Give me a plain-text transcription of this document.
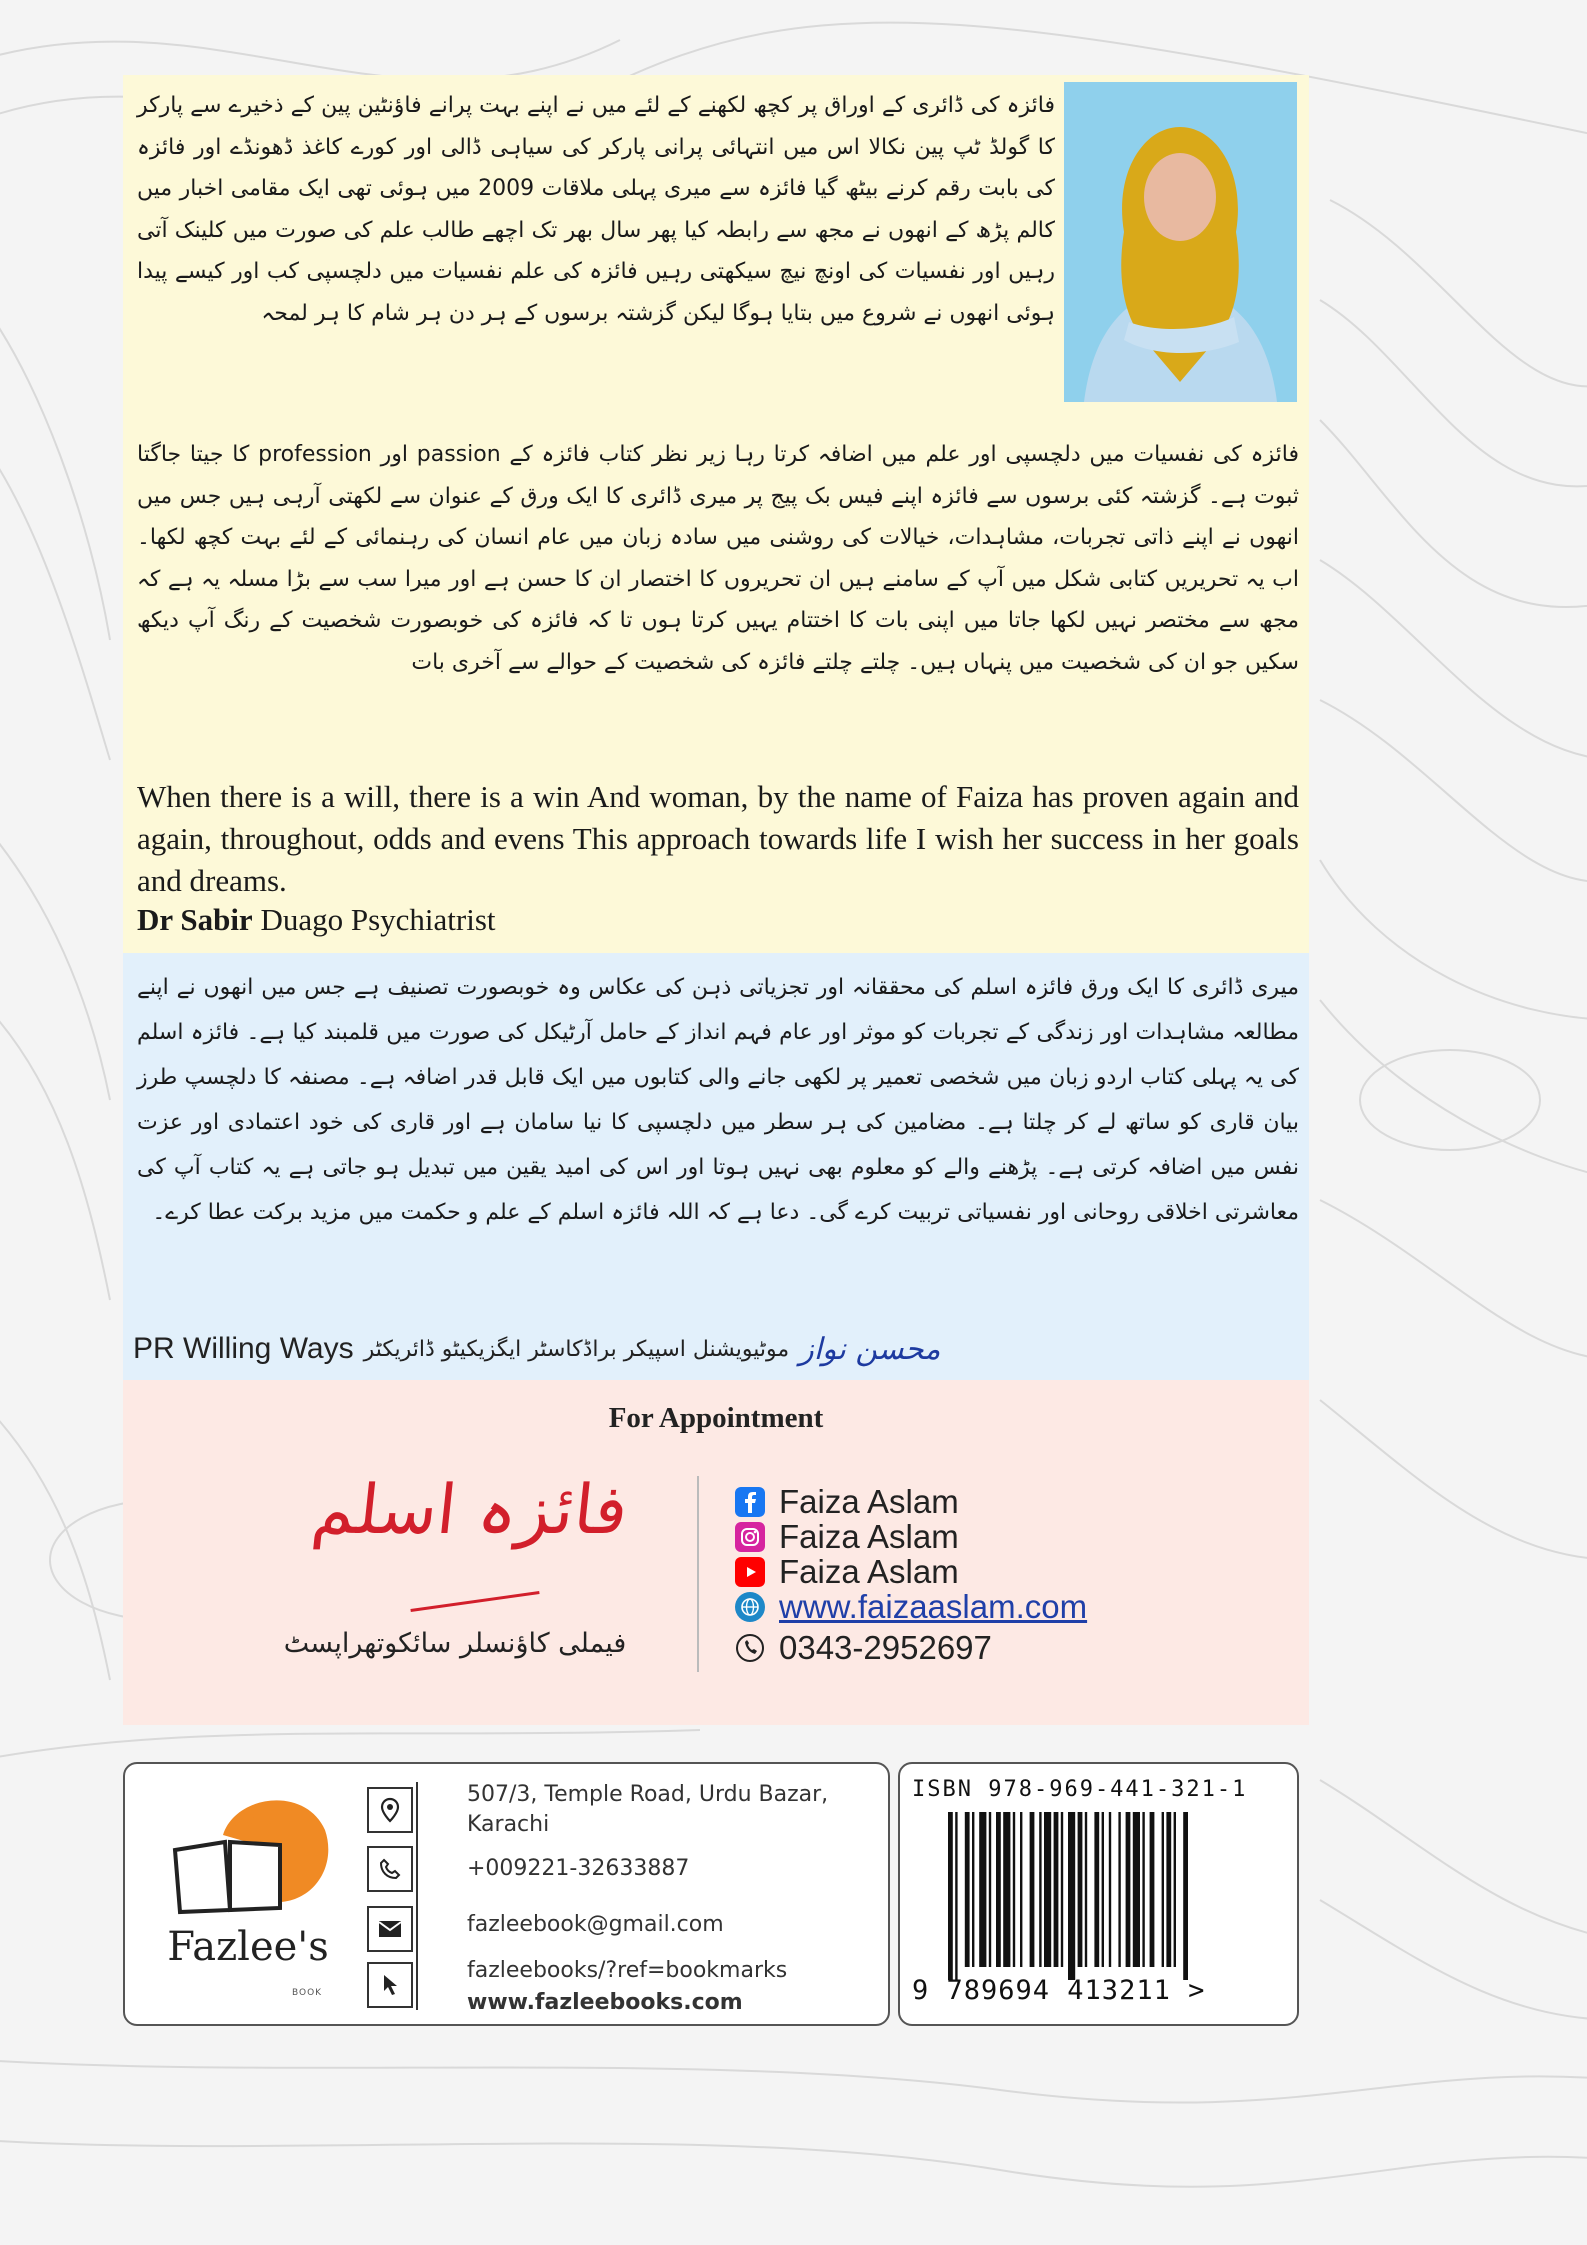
فائزہ کی ڈائری کے اوراق پر کچھ لکھنے کے لئے میں نے اپنے بہت پرانے فاؤنٹین پین کے ذخیرے سے پارکر کا گولڈ ٹپ پین نکالا اس میں انتہائی پرانی پارکر کی سیاہی ڈالی اور کورے کاغذ ڈھونڈے اور فائزہ کی بابت رقم کرنے بیٹھ گیا فائزہ سے میری پہلی ملاقات 2009 میں ہوئی تھی ایک مقامی اخبار میں کالم پڑھ کے انھوں نے مجھ سے رابطہ کیا پھر سال بھر تک اچھے طالب علم کی صورت میں کلینک آتی رہیں اور نفسیات کی اونچ نیچ سیکھتی رہیں فائزہ کی علم نفسیات میں دلچسپی کب اور کیسے پیدا ہوئی انھوں نے شروع میں بتایا ہوگا لیکن گزشتہ برسوں کے ہر دن ہر شام کا ہر لمحہ
فائزہ کی نفسیات میں دلچسپی اور علم میں اضافہ کرتا رہا زیر نظر کتاب فائزہ کے passion اور profession کا جیتا جاگتا ثبوت ہے۔ گزشتہ کئی برسوں سے فائزہ اپنے فیس بک پیج پر میری ڈائری کا ایک ورق کے عنوان سے لکھتی آرہی ہیں جس میں انھوں نے اپنے ذاتی تجربات، مشاہدات، خیالات کی روشنی میں سادہ زبان میں عام انسان کی رہنمائی کے لئے بہت کچھ لکھا۔ اب یہ تحریریں کتابی شکل میں آپ کے سامنے ہیں ان تحریروں کا اختصار ان کا حسن ہے اور میرا سب سے بڑا مسلہ یہ ہے کہ مجھ سے مختصر نہیں لکھا جاتا میں اپنی بات کا اختتام یہیں کرتا ہوں تا کہ فائزہ کی خوبصورت شخصیت کے رنگ آپ دیکھ سکیں جو ان کی شخصیت میں پنہاں ہیں۔ چلتے چلتے فائزہ کی شخصیت کے حوالے سے آخری بات
When there is a will, there is a win And woman, by the name of Faiza has proven again and again, throughout, odds and evens This approach towards life I wish her success in her goals and dreams.
Dr Sabir Duago Psychiatrist
میری ڈائری کا ایک ورق فائزہ اسلم کی محققانہ اور تجزیاتی ذہن کی عکاس وہ خوبصورت تصنیف ہے جس میں انھوں نے اپنے مطالعہ مشاہدات اور زندگی کے تجربات کو موثر اور عام فہم انداز کے حامل آرٹیکل کی صورت میں قلمبند کیا ہے۔ فائزہ اسلم کی یہ پہلی کتاب اردو زبان میں شخصی تعمیر پر لکھی جانے والی کتابوں میں ایک قابل قدر اضافہ ہے۔ مصنفہ کا دلچسپ طرز بیان قاری کو ساتھ لے کر چلتا ہے۔ مضامین کی ہر سطر میں دلچسپی کا نیا سامان ہے اور قاری کی خود اعتمادی اور عزت نفس میں اضافہ کرتی ہے۔ پڑھنے والے کو معلوم بھی نہیں ہوتا اور اس کی امید یقین میں تبدیل ہو جاتی ہے یہ کتاب آپ کی معاشرتی اخلاقی روحانی اور نفسیاتی تربیت کرے گی۔ دعا ہے کہ اللہ فائزہ اسلم کے علم و حکمت میں مزید برکت عطا کرے۔
PR Willing Ways موٹیویشنل اسپیکر براڈکاسٹر ایگزیکیٹو ڈائریکٹر محسن نواز
For Appointment
فائزہ اسلم
فیملی کاؤنسلر سائکوتھراپسٹ
Faiza Aslam
Faiza Aslam
Faiza Aslam
www.faizaaslam.com
0343-2952697
Fazlee's
BOOK
507/3, Temple Road, Urdu Bazar,
Karachi
+009221-32633887
fazleebook@gmail.com
fazleebooks/?ref=bookmarks
www.fazleebooks.com
ISBN 978-969-441-321-1
9 789694 413211 >
